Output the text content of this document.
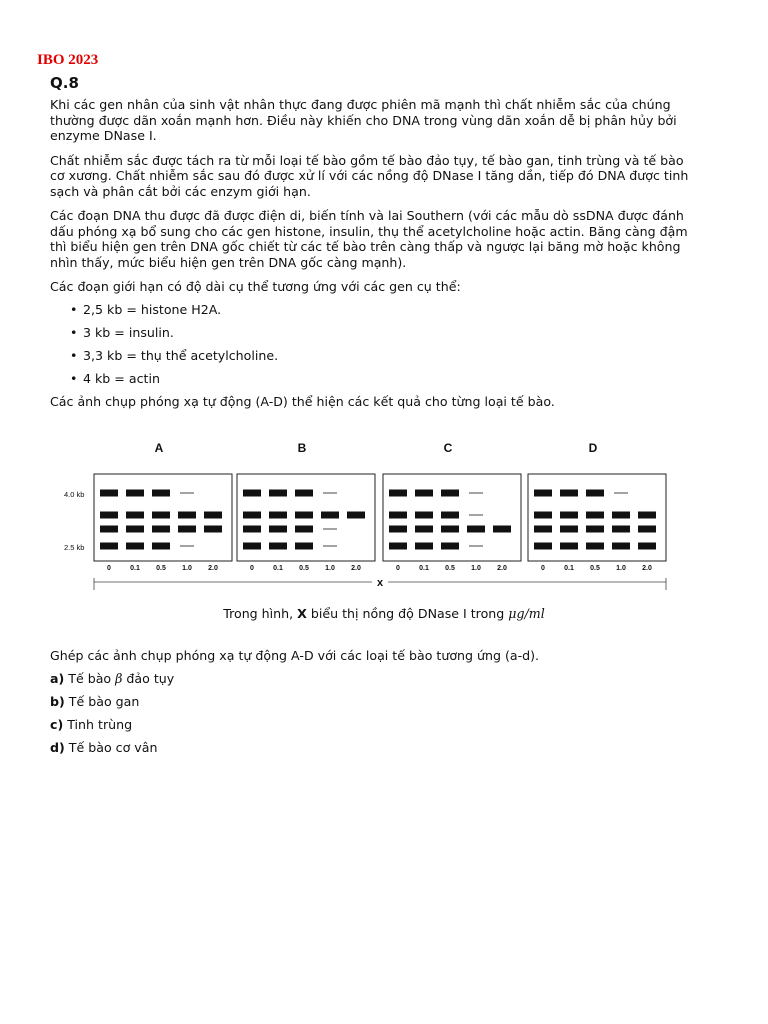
IBO 2023
Q.8

Khi các gen nhân của sinh vật nhân thực đang được phiên mã mạnh thì chất nhiễm sắc của chúng thường được dãn xoắn mạnh hơn. Điều này khiến cho DNA trong vùng dãn xoắn dễ bị phân hủy bởi enzyme DNase I.

Chất nhiễm sắc được tách ra từ mỗi loại tế bào gồm tế bào đảo tụy, tế bào gan, tinh trùng và tế bào cơ xương. Chất nhiễm sắc sau đó được xử lí với các nồng độ DNase I tăng dần, tiếp đó DNA được tinh sạch và phân cắt bởi các enzym giới hạn.

Các đoạn DNA thu được đã được điện di, biến tính và lai Southern (với các mẫu dò ssDNA được đánh dấu phóng xạ bổ sung cho các gen histone, insulin, thụ thể acetylcholine hoặc actin. Băng càng đậm thì biểu hiện gen trên DNA gốc chiết từ các tế bào trên càng thấp và ngược lại băng mờ hoặc không nhìn thấy, mức biểu hiện gen trên DNA gốc càng mạnh).

Các đoạn giới hạn có độ dài cụ thể tương ứng với các gen cụ thể:

• 2,5 kb = histone H2A.
• 3 kb = insulin.
• 3,3 kb = thụ thể acetylcholine.
• 4 kb = actin

Các ảnh chụp phóng xạ tự động (A-D) thể hiện các kết quả cho từng loại tế bào.

4.0 kb
2.5 kb
A
0	0.1 0.5 1.0 2.0
B
0	0.1 0.5 1.0 2.0
C
0	0.1 0.5 1.0 2.0
D
0	0.1 0.5 1.0 2.0
x
Trong hình, X biểu thị nồng độ DNase I trong μg/ml
Ghép các ảnh chụp phóng xạ tự động A-D với các loại tế bào tương ứng (a-d).
a) Tế bào β đảo tụy
b) Tế bào gan
c) Tinh trùng
d) Tế bào cơ vân
